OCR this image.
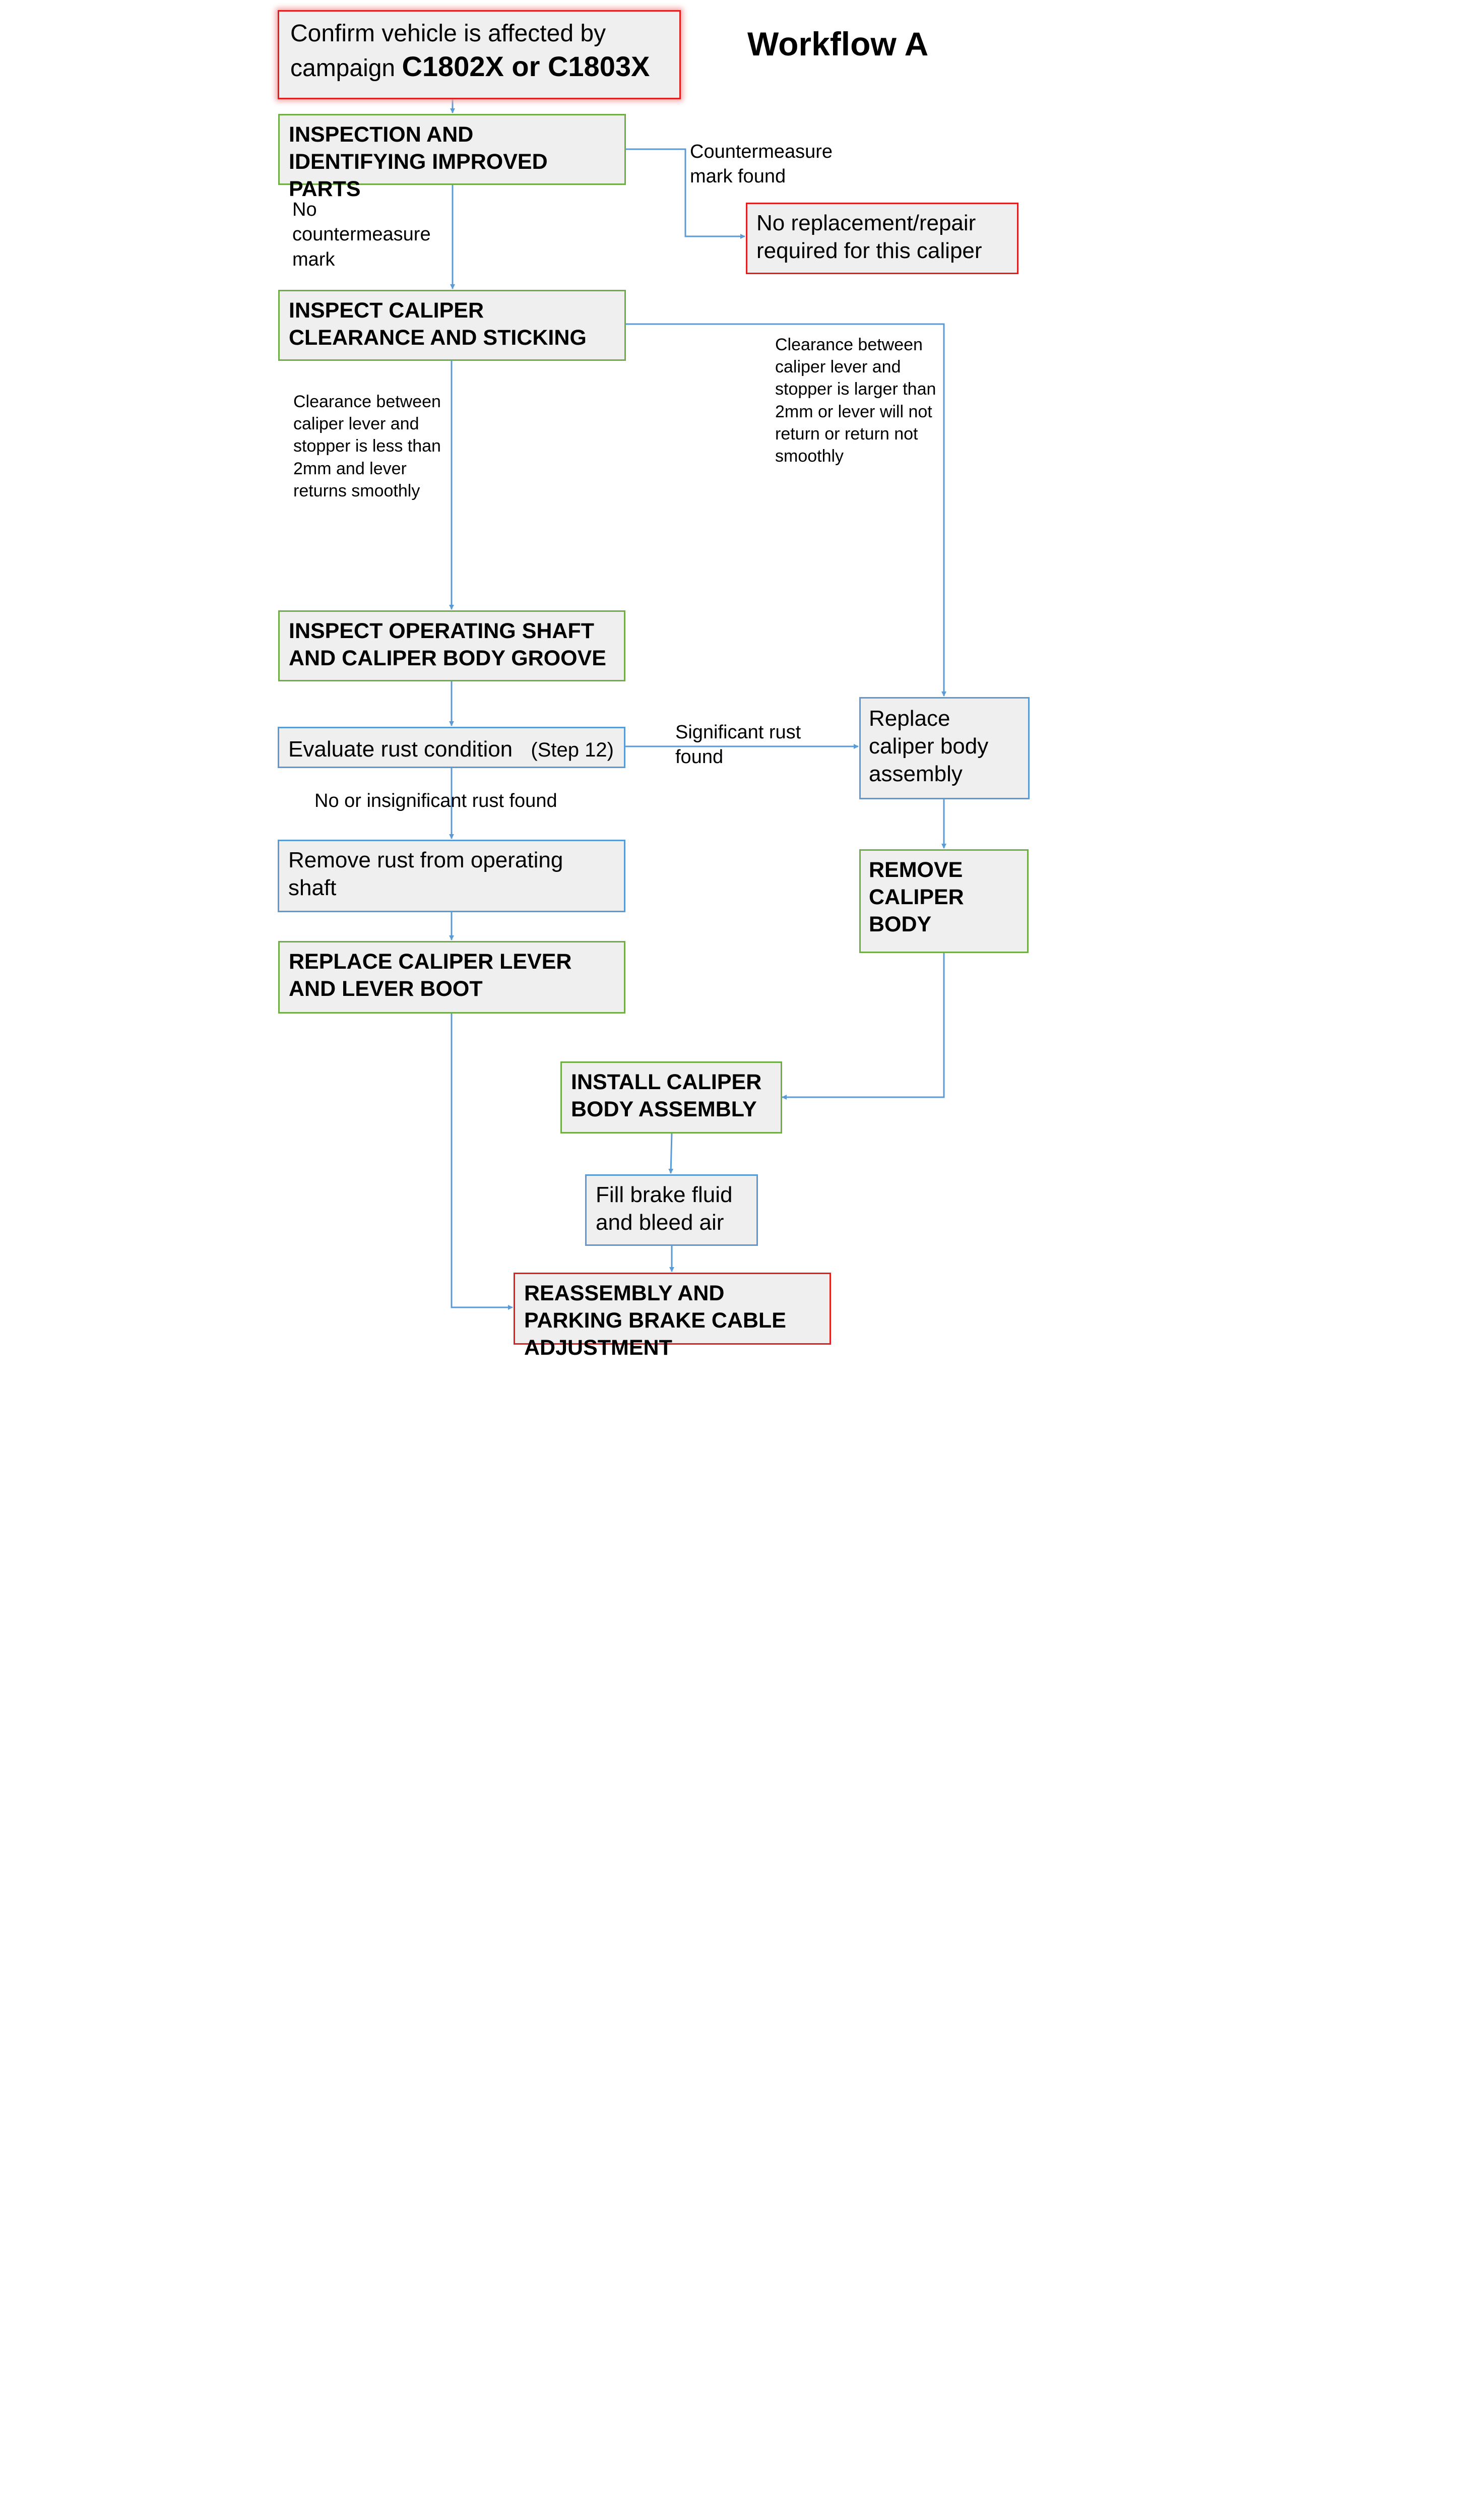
Workflow A
Confirm vehicle is affected by
campaign C1802X or C1803X
INSPECTION AND IDENTIFYING IMPROVED PARTS
No replacement/repair required for this caliper
INSPECT CALIPER CLEARANCE AND STICKING
INSPECT OPERATING SHAFT AND CALIPER BODY GROOVE
Evaluate rust condition (Step 12)
Remove rust from operating shaft
REPLACE CALIPER LEVER AND LEVER BOOT
Replace caliper body assembly
REMOVE CALIPER BODY
INSTALL CALIPER BODY ASSEMBLY
Fill brake fluid and bleed air
REASSEMBLY AND PARKING BRAKE CABLE ADJUSTMENT
Countermeasure mark found
No countermeasure mark
Clearance between caliper lever and stopper is less than 2mm and lever returns smoothly
Clearance between caliper lever and stopper is larger than 2mm or lever will not return or return not smoothly
Significant rust found
No or insignificant rust found
